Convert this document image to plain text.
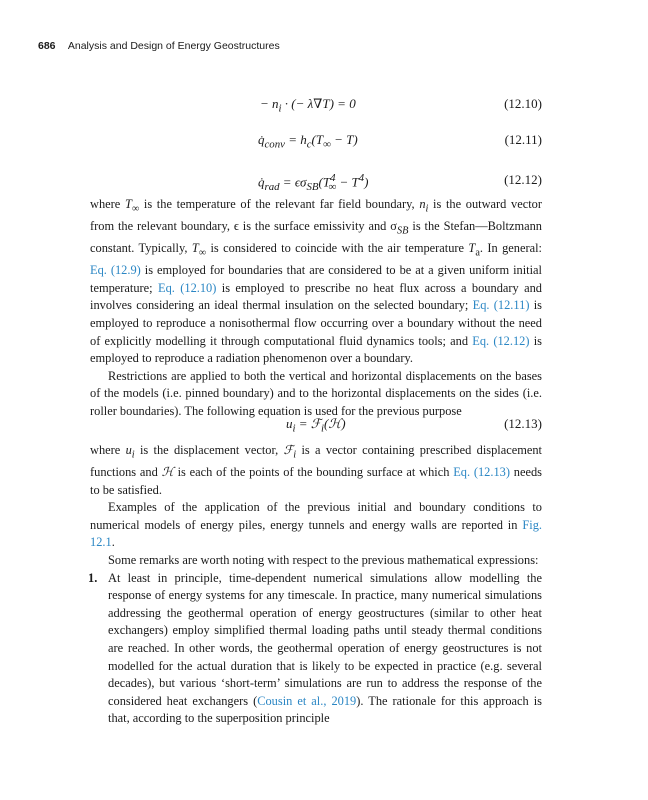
686 Analysis and Design of Energy Geostructures
− $n_i$ · (− λ∇T) = 0	(12.10)
$q̇_{conv} = h_c(T_\infty - T)$	(12.11)
$q̇_{rad} = \epsilon\sigma_{SB}(T^4_\infty - T^4)$	(12.12)

where $T_\infty$ is the temperature of the relevant far field boundary, $n_i$ is the outward vector from the relevant boundary, ϵ is the surface emissivity and $\sigma_{SB}$ is the Stefan—Boltzmann constant. Typically, $T_\infty$ is considered to coincide with the air temperature $T_a$. In general: Eq. (12.9) is employed for boundaries that are considered to be at a given uniform initial temperature; Eq. (12.10) is employed to prescribe no heat flux across a boundary and involves considering an ideal thermal insulation on the selected boundary; Eq. (12.11) is employed to reproduce a nonisothermal flow occurring over a boundary without the need of explicitly modelling it through computational fluid dynamics tools; and Eq. (12.12) is employed to reproduce a radiation phenomenon over a boundary.

Restrictions are applied to both the vertical and horizontal displacements on the bases of the models (i.e. pinned boundary) and to the horizontal displacements on the sides (i.e. roller boundaries). The following equation is used for the previous purpose

$u_i$ = ℱ$_i$(ℋ)	(12.13)

where $u_i$ is the displacement vector, ℱ$_i$ is a vector containing prescribed displacement functions and ℋ is each of the points of the bounding surface at which Eq. (12.13) needs to be satisfied.

Examples of the application of the previous initial and boundary conditions to numerical models of energy piles, energy tunnels and energy walls are reported in Fig. 12.1.

Some remarks are worth noting with respect to the previous mathematical expressions:

1. At least in principle, time-dependent numerical simulations allow modelling the response of energy systems for any timescale. In practice, many numerical simulations addressing the geothermal operation of energy geostructures (similar to other heat exchangers) employ simplified thermal loading paths until steady thermal conditions are reached. In other words, the geothermal operation of energy geostructures is not modelled for the actual duration that is likely to be expected in practice (e.g. several decades), but various ‘short-term’ simulations are run to address the response of the considered heat exchangers (Cousin et al., 2019). The rationale for this approach is that, according to the superposition principle
